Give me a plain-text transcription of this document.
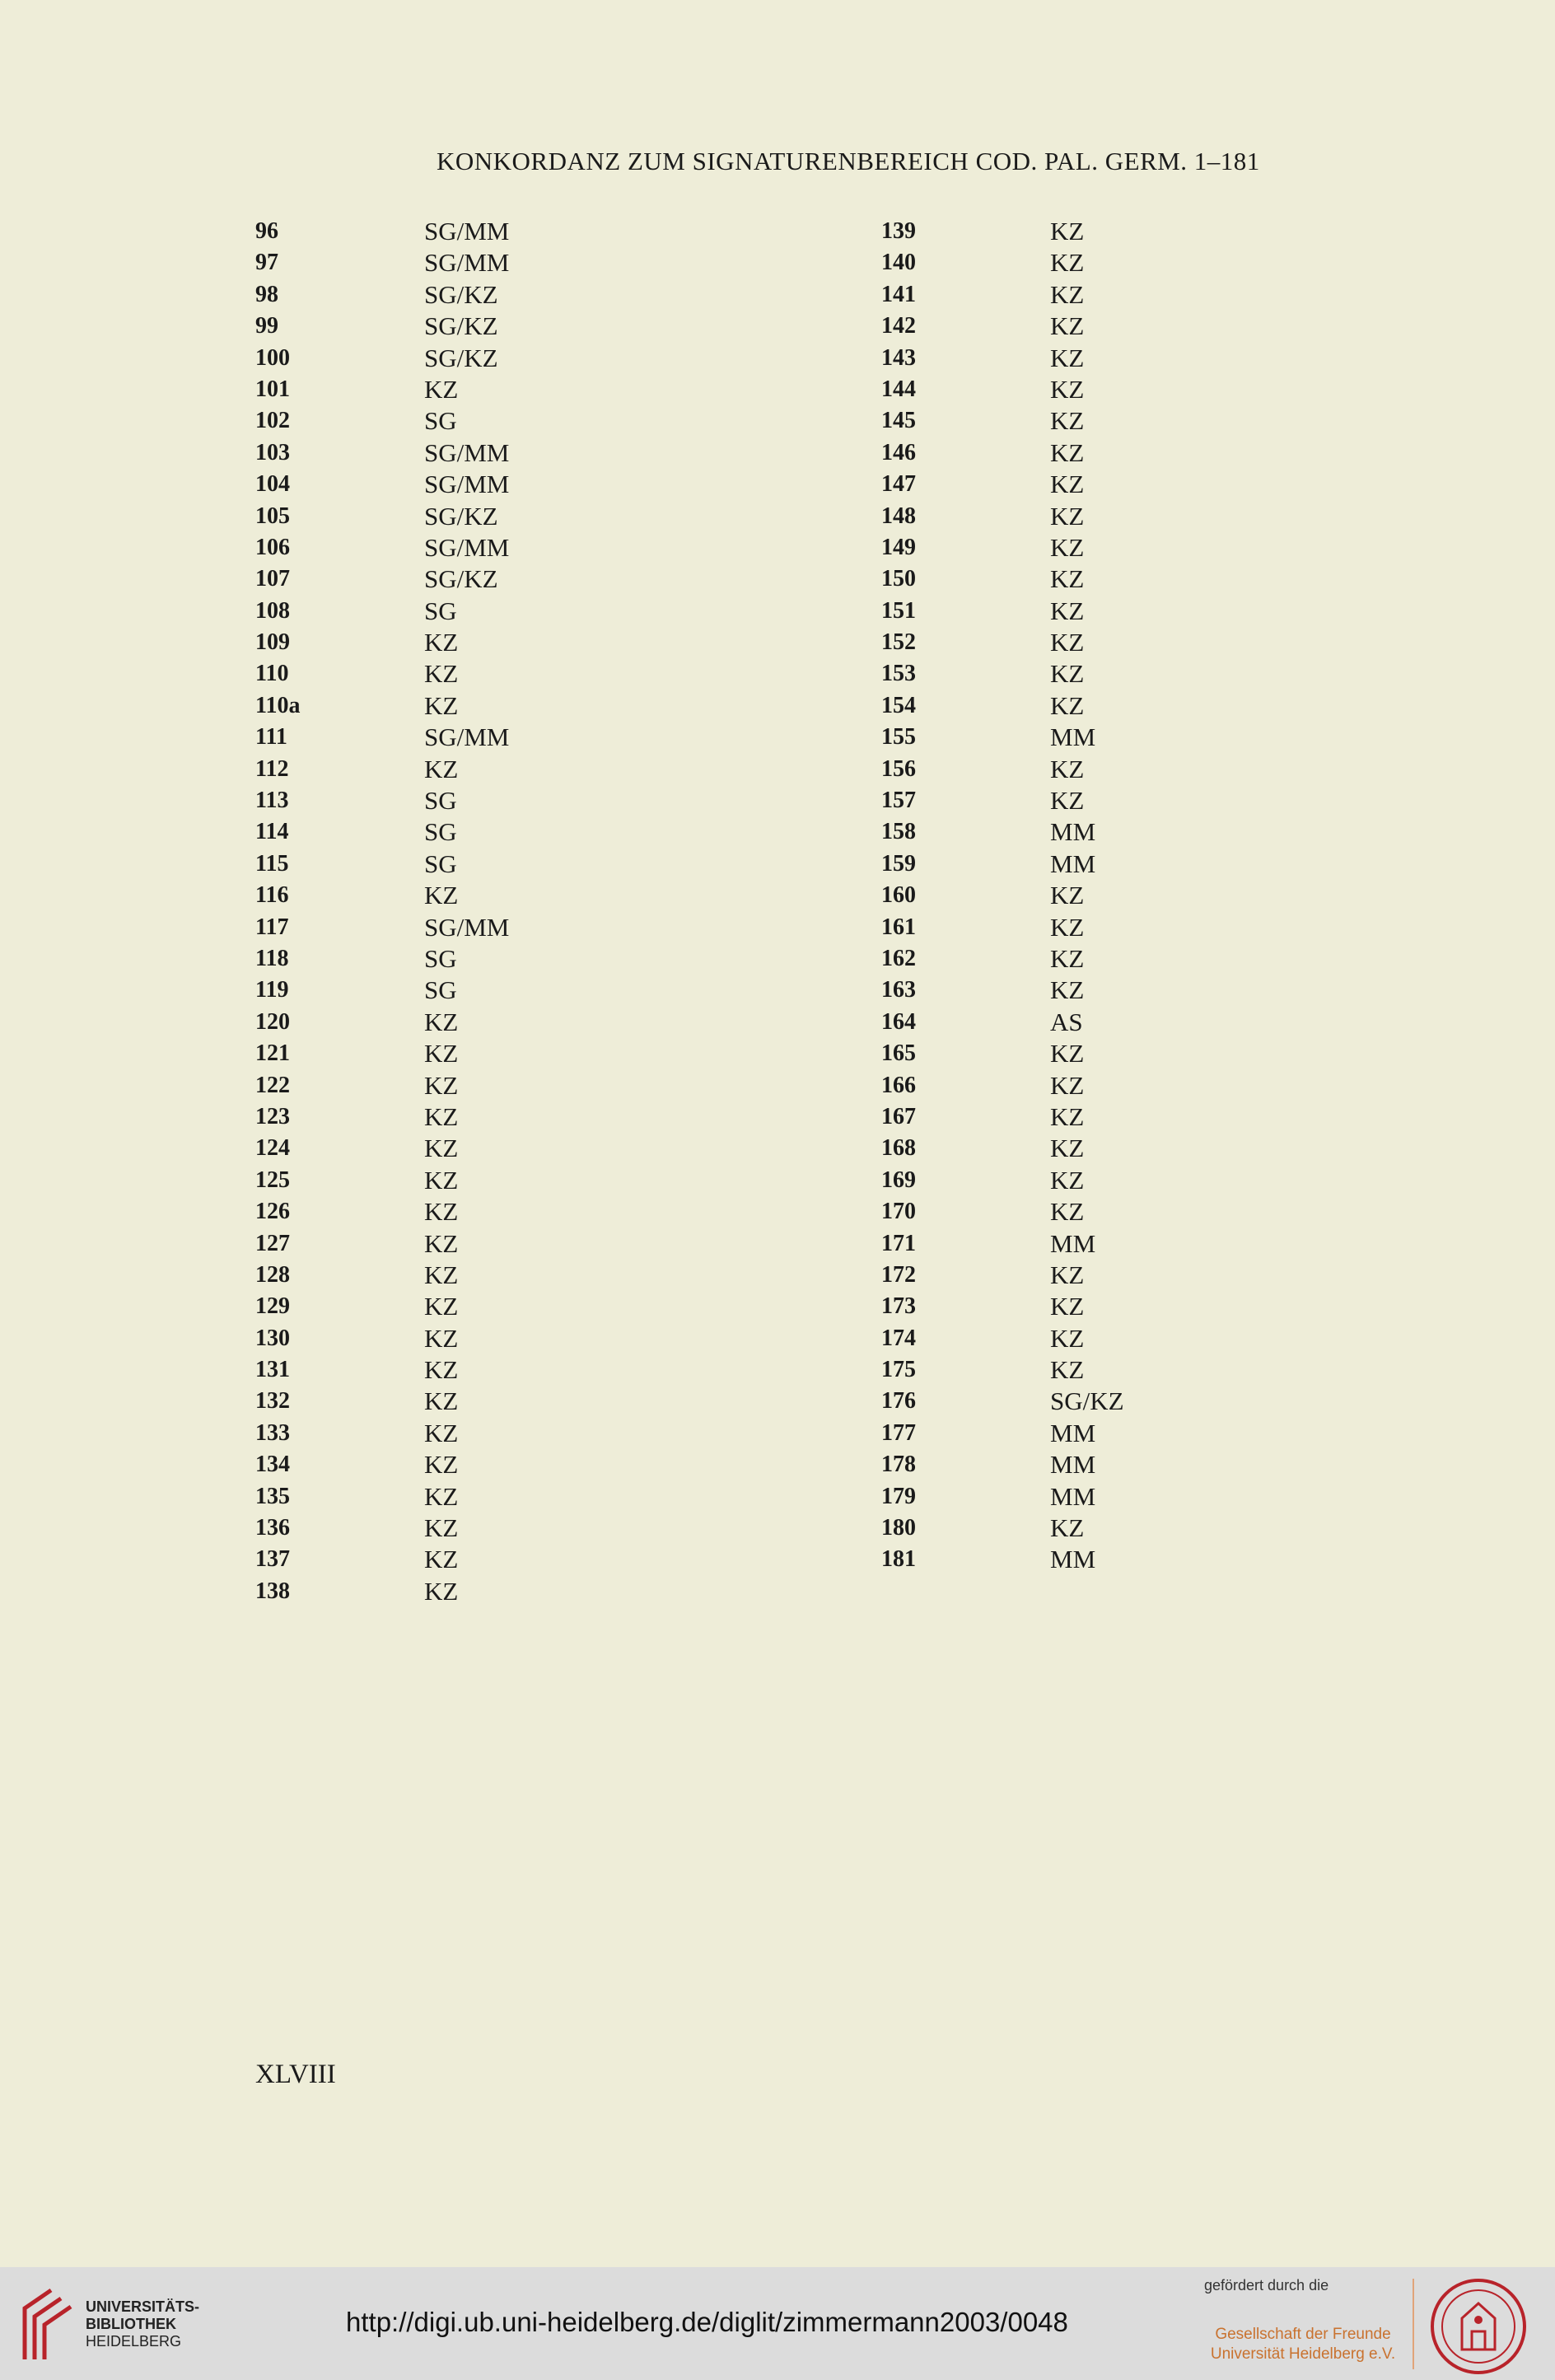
KONKORDANZ ZUM SIGNATURENBEREICH COD. PAL. GERM. 1–181
96	SG/MM
97	SG/MM
98	SG/KZ
99	SG/KZ
100	SG/KZ
101	KZ
102	SG
103	SG/MM
104	SG/MM
105	SG/KZ
106	SG/MM
107	SG/KZ
108	SG
109	KZ
110	KZ
110a	KZ
111	SG/MM
112	KZ
113	SG
114	SG
115	SG
116	KZ
117	SG/MM
118	SG
119	SG
120	KZ
121	KZ
122	KZ
123	KZ
124	KZ
125	KZ
126	KZ
127	KZ
128	KZ
129	KZ
130	KZ
131	KZ
132	KZ
133	KZ
134	KZ
135	KZ
136	KZ
137	KZ
138	KZ
139	KZ
140	KZ
141	KZ
142	KZ
143	KZ
144	KZ
145	KZ
146	KZ
147	KZ
148	KZ
149	KZ
150	KZ
151	KZ
152	KZ
153	KZ
154	KZ
155	MM
156	KZ
157	KZ
158	MM
159	MM
160	KZ
161	KZ
162	KZ
163	KZ
164	AS
165	KZ
166	KZ
167	KZ
168	KZ
169	KZ
170	KZ
171	MM
172	KZ
173	KZ
174	KZ
175	KZ
176	SG/KZ
177	MM
178	MM
179	MM
180	KZ
181	MM
XLVIII
UNIVERSITÄTS-
BIBLIOTHEK
HEIDELBERG
http://digi.ub.uni-heidelberg.de/diglit/zimmermann2003/0048
gefördert durch die
Gesellschaft der Freunde
Universität Heidelberg e.V.
